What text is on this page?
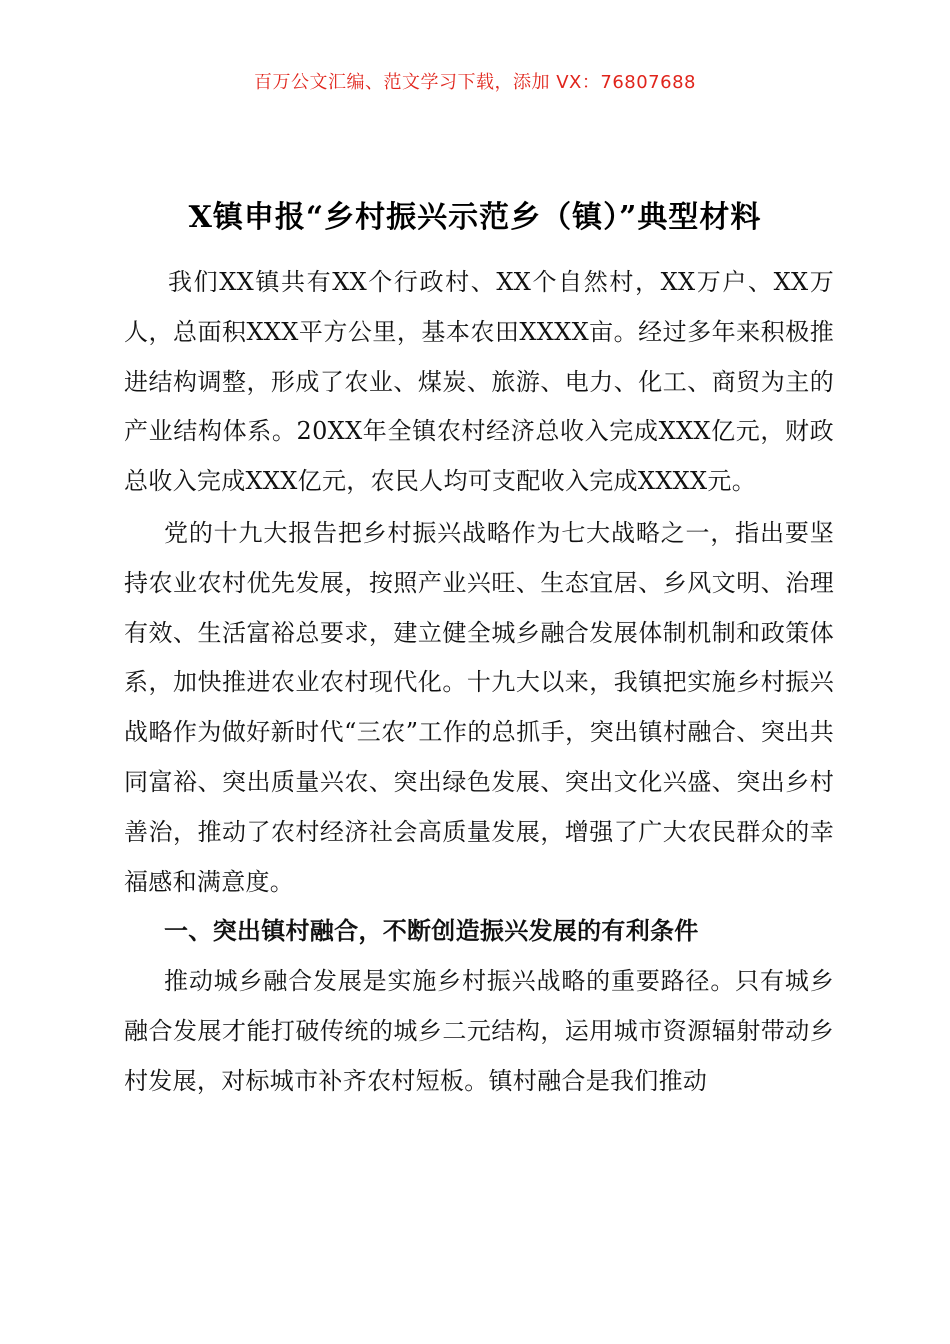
百万公文汇编、范文学习下载，添加 VX：76807688
X镇申报“乡村振兴示范乡（镇）”典型材料

我们XX镇共有XX个行政村、XX个自然村，XX万户、XX万人，总面积XXX平方公里，基本农田XXXX亩。经过多年来积极推进结构调整，形成了农业、煤炭、旅游、电力、化工、商贸为主的产业结构体系。20XX年全镇农村经济总收入完成XXX亿元，财政总收入完成XXX亿元，农民人均可支配收入完成XXXX元。

党的十九大报告把乡村振兴战略作为七大战略之一，指出要坚持农业农村优先发展，按照产业兴旺、生态宜居、乡风文明、治理有效、生活富裕总要求，建立健全城乡融合发展体制机制和政策体系，加快推进农业农村现代化。十九大以来，我镇把实施乡村振兴战略作为做好新时代“三农”工作的总抓手，突出镇村融合、突出共同富裕、突出质量兴农、突出绿色发展、突出文化兴盛、突出乡村善治，推动了农村经济社会高质量发展，增强了广大农民群众的幸福感和满意度。

一、突出镇村融合，不断创造振兴发展的有利条件

推动城乡融合发展是实施乡村振兴战略的重要路径。只有城乡融合发展才能打破传统的城乡二元结构，运用城市资源辐射带动乡村发展，对标城市补齐农村短板。镇村融合是我们推动
